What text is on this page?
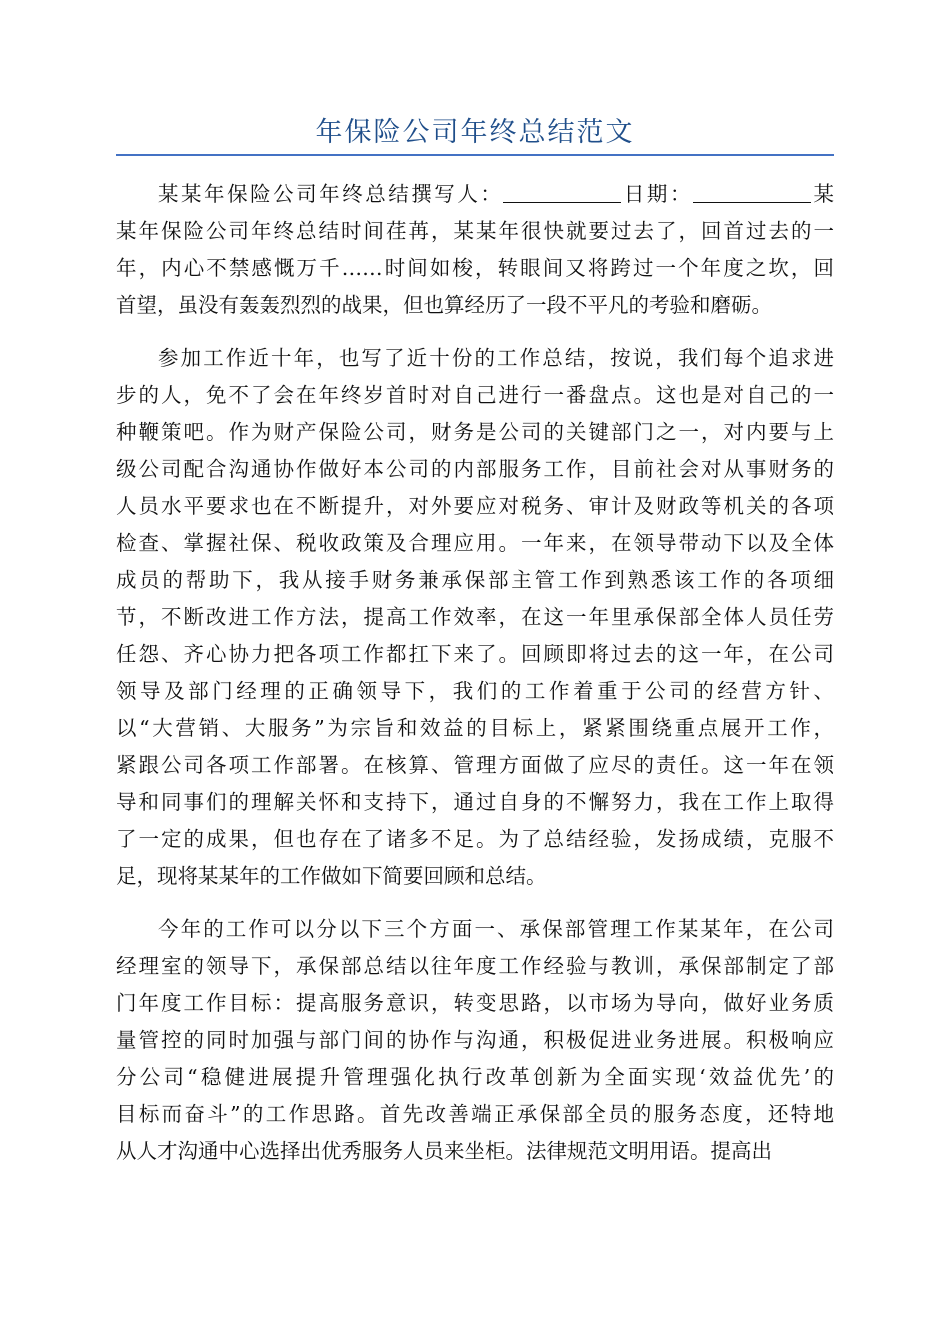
年保险公司年终总结范文
某某年保险公司年终总结撰写人：	日期：	某
某年保险公司年终总结时间荏苒，某某年很快就要过去了，回首过去的一
年，内心不禁感慨万千……时间如梭，转眼间又将跨过一个年度之坎，回
首望，虽没有轰轰烈烈的战果，但也算经历了一段不平凡的考验和磨砺。
参加工作近十年，也写了近十份的工作总结，按说，我们每个追求进
步的人，免不了会在年终岁首时对自己进行一番盘点。这也是对自己的一
种鞭策吧。作为财产保险公司，财务是公司的关键部门之一，对内要与上
级公司配合沟通协作做好本公司的内部服务工作，目前社会对从事财务的
人员水平要求也在不断提升，对外要应对税务、审计及财政等机关的各项
检查、掌握社保、税收政策及合理应用。一年来，在领导带动下以及全体
成员的帮助下，我从接手财务兼承保部主管工作到熟悉该工作的各项细
节，不断改进工作方法，提高工作效率，在这一年里承保部全体人员任劳
任怨、齐心协力把各项工作都扛下来了。回顾即将过去的这一年，在公司
领导及部门经理的正确领导下，我们的工作着重于公司的经营方针、
以“大营销、大服务”为宗旨和效益的目标上，紧紧围绕重点展开工作，
紧跟公司各项工作部署。在核算、管理方面做了应尽的责任。这一年在领
导和同事们的理解关怀和支持下，通过自身的不懈努力，我在工作上取得
了一定的成果，但也存在了诸多不足。为了总结经验，发扬成绩，克服不
足，现将某某年的工作做如下简要回顾和总结。
今年的工作可以分以下三个方面一、承保部管理工作某某年，在公司
经理室的领导下，承保部总结以往年度工作经验与教训，承保部制定了部
门年度工作目标：提高服务意识，转变思路，以市场为导向，做好业务质
量管控的同时加强与部门间的协作与沟通，积极促进业务进展。积极响应
分公司“稳健进展提升管理强化执行改革创新为全面实现‘效益优先’的
目标而奋斗”的工作思路。首先改善端正承保部全员的服务态度，还特地
从人才沟通中心选择出优秀服务人员来坐柜。法律规范文明用语。提高出
